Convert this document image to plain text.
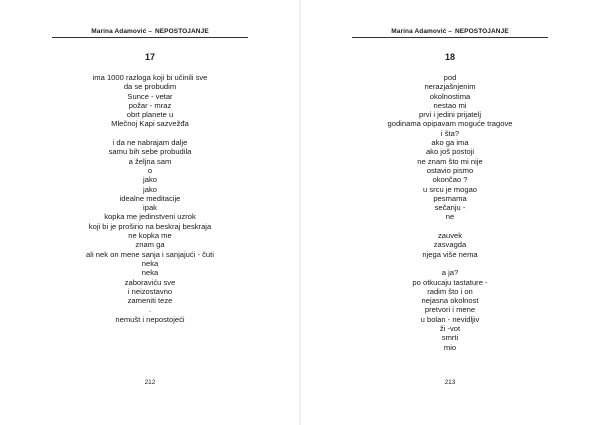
Marina Adamović – NEPOSTOJANJE
17
ima 1000 razloga koji bi učinili sve
da se probudim
Sunce - vetar
požar - mraz
obrt planete u
Mlečnoj Kapi sazvežđa
i da ne nabrajam dalje
samu bih sebe probudila
a željna sam
o
jako
jako
idealne meditacije
ipak
kopka me jedinstveni uzrok
koji bi je proširio na beskraj beskraja
ne kopka me
znam ga
ali nek on mene sanja i sanjajući - čuti
neka
neka
zaboraviću sve
i neizostavno
zameniti teze
.
nemušt i nepostojeći
212
Marina Adamović – NEPOSTOJANJE
18
pod
nerazjašnjenim
okolnostima
nestao mi
prvi i jedini prijatelj
godinama opipavam moguće tragove
i šta?
ako ga ima
ako još postoji
ne znam što mi nije
ostavio pismo
okončao ?
u srcu je mogao
pesmama
sečanju -
ne
zauvek
zasvagda
njega više nema
a ja?
po otkucaju tastature -
radim što i on
nejasna okolnost
pretvori i mene
u bolan - nevidljiv
ži -vot
smrti
mio
213
